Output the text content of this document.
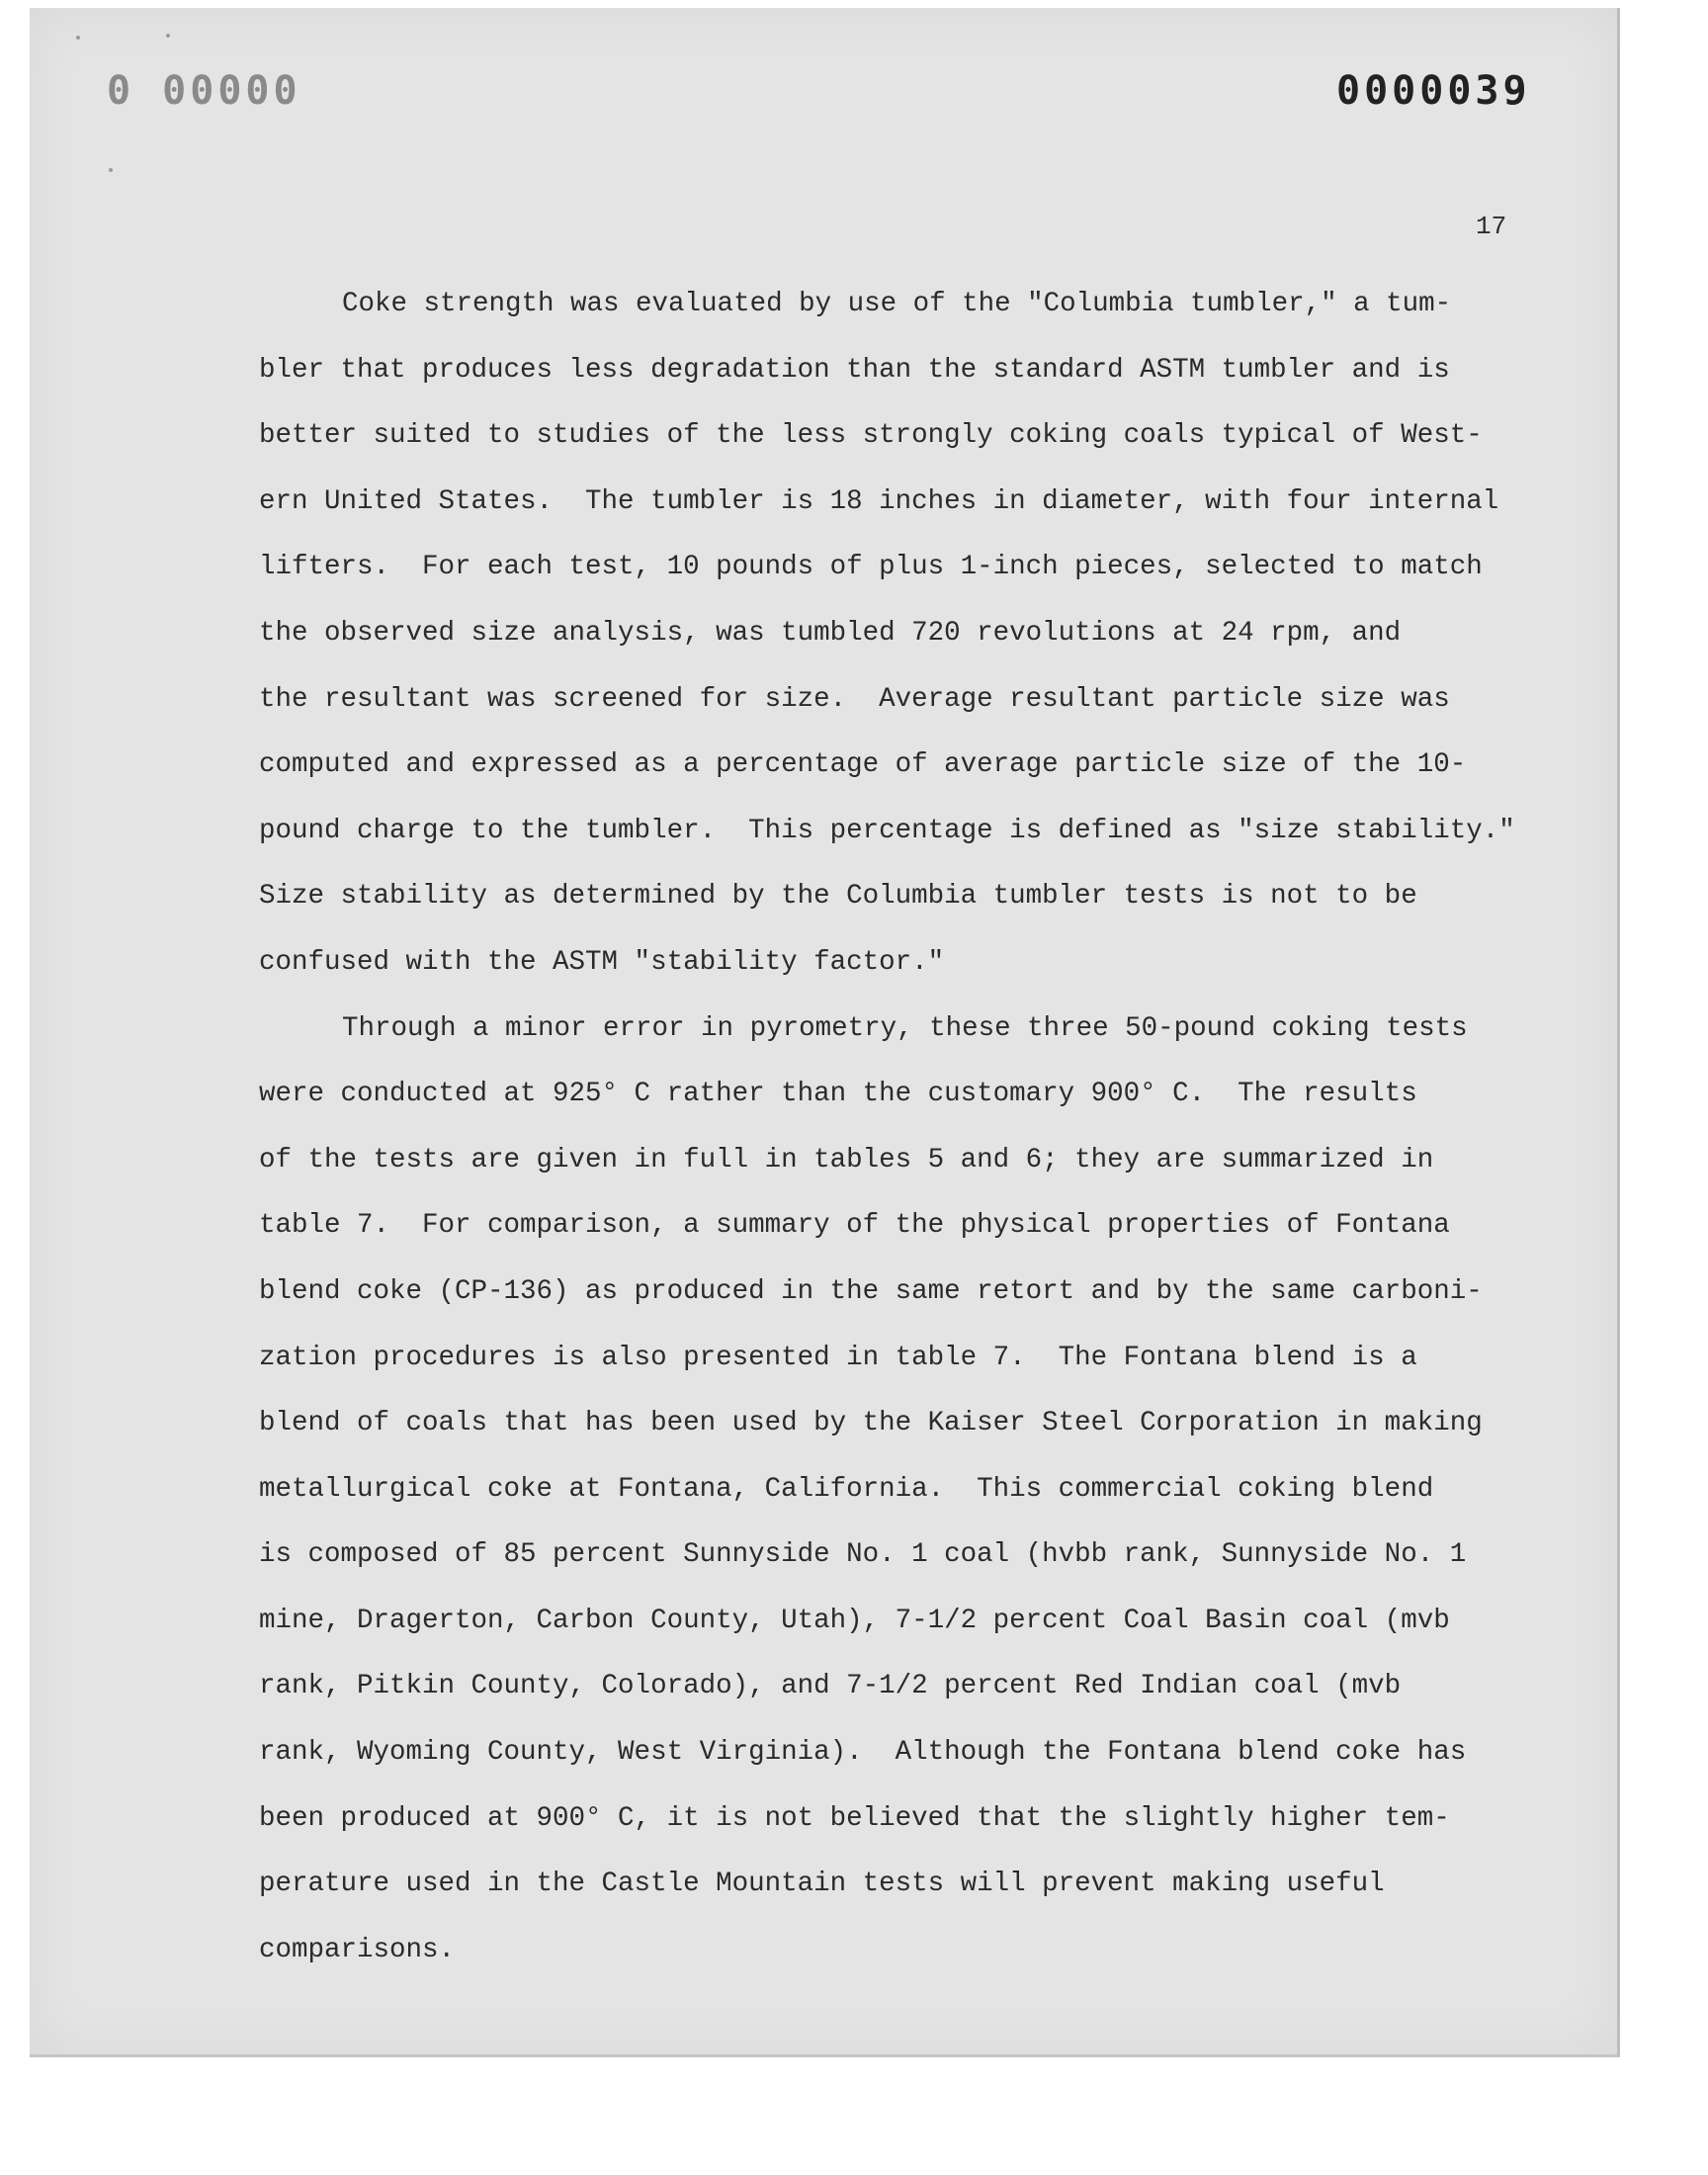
0 00000	0000039
17
Coke strength was evaluated by use of the "Columbia tumbler," a tum-
bler that produces less degradation than the standard ASTM tumbler and is
better suited to studies of the less strongly coking coals typical of West-
ern United States.  The tumbler is 18 inches in diameter, with four internal
lifters.  For each test, 10 pounds of plus 1-inch pieces, selected to match
the observed size analysis, was tumbled 720 revolutions at 24 rpm, and
the resultant was screened for size.  Average resultant particle size was
computed and expressed as a percentage of average particle size of the 10-
pound charge to the tumbler.  This percentage is defined as "size stability."
Size stability as determined by the Columbia tumbler tests is not to be
confused with the ASTM "stability factor."
Through a minor error in pyrometry, these three 50-pound coking tests
were conducted at 925° C rather than the customary 900° C.  The results
of the tests are given in full in tables 5 and 6; they are summarized in
table 7.  For comparison, a summary of the physical properties of Fontana
blend coke (CP-136) as produced in the same retort and by the same carboni-
zation procedures is also presented in table 7.  The Fontana blend is a
blend of coals that has been used by the Kaiser Steel Corporation in making
metallurgical coke at Fontana, California.  This commercial coking blend
is composed of 85 percent Sunnyside No. 1 coal (hvbb rank, Sunnyside No. 1
mine, Dragerton, Carbon County, Utah), 7-1/2 percent Coal Basin coal (mvb
rank, Pitkin County, Colorado), and 7-1/2 percent Red Indian coal (mvb
rank, Wyoming County, West Virginia).  Although the Fontana blend coke has
been produced at 900° C, it is not believed that the slightly higher tem-
perature used in the Castle Mountain tests will prevent making useful
comparisons.
